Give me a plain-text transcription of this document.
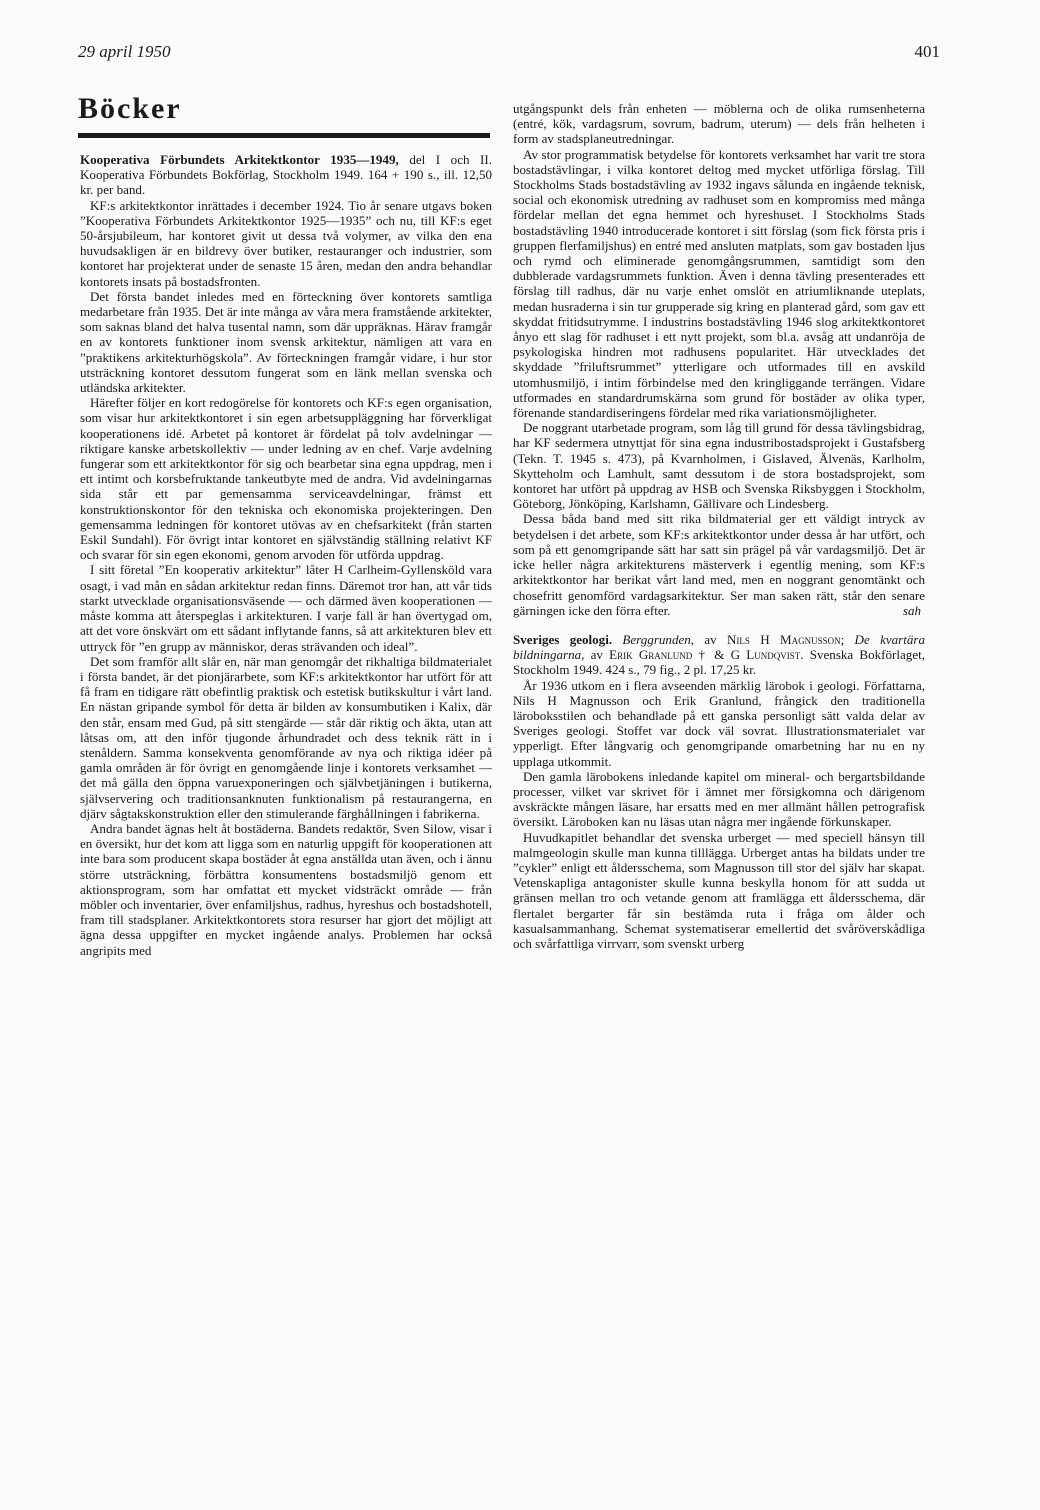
29 april 1950	401
Böcker

Kooperativa Förbundets Arkitektkontor 1935—1949, del I och II. Kooperativa Förbundets Bokförlag, Stockholm 1949. 164 + 190 s., ill. 12,50 kr. per band.

KF:s arkitektkontor inrättades i december 1924. Tio år senare utgavs boken ”Kooperativa Förbundets Arkitektkontor 1925—1935” och nu, till KF:s eget 50-årsjubileum, har kontoret givit ut dessa två volymer, av vilka den ena huvudsakligen är en bildrevy över butiker, restauranger och industrier, som kontoret har projekterat under de senaste 15 åren, medan den andra behandlar kontorets insats på bostadsfronten.

Det första bandet inledes med en förteckning över kontorets samtliga medarbetare från 1935. Det är inte många av våra mera framstående arkitekter, som saknas bland det halva tusental namn, som där uppräknas. Härav framgår en av kontorets funktioner inom svensk arkitektur, nämligen att vara en ”praktikens arkitekturhögskola”. Av förteckningen framgår vidare, i hur stor utsträckning kontoret dessutom fungerat som en länk mellan svenska och utländska arkitekter.

Härefter följer en kort redogörelse för kontorets och KF:s egen organisation, som visar hur arkitektkontoret i sin egen arbetsuppläggning har förverkligat kooperationens idé. Arbetet på kontoret är fördelat på tolv avdelningar — riktigare kanske arbetskollektiv — under ledning av en chef. Varje avdelning fungerar som ett arkitektkontor för sig och bearbetar sina egna uppdrag, men i ett intimt och korsbefruktande tankeutbyte med de andra. Vid avdelningarnas sida står ett par gemensamma serviceavdelningar, främst ett konstruktionskontor för den tekniska och ekonomiska projekteringen. Den gemensamma ledningen för kontoret utövas av en chefsarkitekt (från starten Eskil Sundahl). För övrigt intar kontoret en självständig ställning relativt KF och svarar för sin egen ekonomi, genom arvoden för utförda uppdrag.

I sitt företal ”En kooperativ arkitektur” låter H Carlheim-Gyllensköld vara osagt, i vad mån en sådan arkitektur redan finns. Däremot tror han, att vår tids starkt utvecklade organisationsväsende — och därmed även kooperationen — måste komma att återspeglas i arkitekturen. I varje fall är han övertygad om, att det vore önskvärt om ett sådant inflytande fanns, så att arkitekturen blev ett uttryck för ”en grupp av människor, deras strävanden och ideal”.

Det som framför allt slår en, när man genomgår det rikhaltiga bildmaterialet i första bandet, är det pionjärarbete, som KF:s arkitektkontor har utfört för att få fram en tidigare rätt obefintlig praktisk och estetisk butikskultur i vårt land. En nästan gripande symbol för detta är bilden av konsumbutiken i Kalix, där den står, ensam med Gud, på sitt stengärde — står där riktig och äkta, utan att låtsas om, att den inför tjugonde århundradet och dess teknik rätt in i stenåldern. Samma konsekventa genomförande av nya och riktiga idéer på gamla områden är för övrigt en genomgående linje i kontorets verksamhet — det må gälla den öppna varuexponeringen och självbetjäningen i butikerna, självservering och traditionsanknuten funktionalism på restaurangerna, en djärv sågtakskonstruktion eller den stimulerande färghållningen i fabrikerna.

Andra bandet ägnas helt åt bostäderna. Bandets redaktör, Sven Silow, visar i en översikt, hur det kom att ligga som en naturlig uppgift för kooperationen att inte bara som producent skapa bostäder åt egna anställda utan även, och i ännu större utsträckning, förbättra konsumentens bostadsmiljö genom ett aktionsprogram, som har omfattat ett mycket vidsträckt område — från möbler och inventarier, över enfamiljshus, radhus, hyreshus och bostadshotell, fram till stadsplaner. Arkitektkontorets stora resurser har gjort det möjligt att ägna dessa uppgifter en mycket ingående analys. Problemen har också angripits med

utgångspunkt dels från enheten — möblerna och de olika rumsenheterna (entré, kök, vardagsrum, sovrum, badrum, uterum) — dels från helheten i form av stadsplaneutredningar.

Av stor programmatisk betydelse för kontorets verksamhet har varit tre stora bostadstävlingar, i vilka kontoret deltog med mycket utförliga förslag. Till Stockholms Stads bostadstävling av 1932 ingavs sålunda en ingående teknisk, social och ekonomisk utredning av radhuset som en kompromiss med många fördelar mellan det egna hemmet och hyreshuset. I Stockholms Stads bostadstävling 1940 introducerade kontoret i sitt förslag (som fick första pris i gruppen flerfamiljshus) en entré med ansluten matplats, som gav bostaden ljus och rymd och eliminerade genomgångsrummen, samtidigt som den dubblerade vardagsrummets funktion. Även i denna tävling presenterades ett förslag till radhus, där nu varje enhet omslöt en atriumliknande uteplats, medan husraderna i sin tur grupperade sig kring en planterad gård, som gav ett skyddat fritidsutrymme. I industrins bostadstävling 1946 slog arkitektkontoret ånyo ett slag för radhuset i ett nytt projekt, som bl.a. avsåg att undanröja de psykologiska hindren mot radhusens popularitet. Här utvecklades det skyddade ”friluftsrummet” ytterligare och utformades till en avskild utomhusmiljö, i intim förbindelse med den kringliggande terrängen. Vidare utformades en standardrumskärna som grund för bostäder av olika typer, förenande standardiseringens fördelar med rika variationsmöjligheter.

De noggrant utarbetade program, som låg till grund för dessa tävlingsbidrag, har KF sedermera utnyttjat för sina egna industribostadsprojekt i Gustafsberg (Tekn. T. 1945 s. 473), på Kvarnholmen, i Gislaved, Älvenäs, Karlholm, Skytteholm och Lamhult, samt dessutom i de stora bostadsprojekt, som kontoret har utfört på uppdrag av HSB och Svenska Riksbyggen i Stockholm, Göteborg, Jönköping, Karlshamn, Gällivare och Lindesberg.

Dessa båda band med sitt rika bildmaterial ger ett väldigt intryck av betydelsen i det arbete, som KF:s arkitektkontor under dessa år har utfört, och som på ett genomgripande sätt har satt sin prägel på vår vardagsmiljö. Det är icke heller några arkitekturens mästerverk i egentlig mening, som KF:s arkitektkontor har berikat vårt land med, men en noggrant genomtänkt och chosefritt genomförd vardagsarkitektur. Ser man saken rätt, står den senare gärningen icke den förra efter.	sah

Sveriges geologi. Berggrunden, av Nils H Magnusson; De kvartära bildningarna, av Erik Granlund † & G Lundqvist. Svenska Bokförlaget, Stockholm 1949. 424 s., 79 fig., 2 pl. 17,25 kr.

År 1936 utkom en i flera avseenden märklig lärobok i geologi. Författarna, Nils H Magnusson och Erik Granlund, frångick den traditionella läroboksstilen och behandlade på ett ganska personligt sätt valda delar av Sveriges geologi. Stoffet var dock väl sovrat. Illustrationsmaterialet var ypperligt. Efter långvarig och genomgripande omarbetning har nu en ny upplaga utkommit.

Den gamla lärobokens inledande kapitel om mineral- och bergartsbildande processer, vilket var skrivet för i ämnet mer försigkomna och därigenom avskräckte mången läsare, har ersatts med en mer allmänt hållen petrografisk översikt. Läroboken kan nu läsas utan några mer ingående förkunskaper.

Huvudkapitlet behandlar det svenska urberget — med speciell hänsyn till malmgeologin skulle man kunna tilllägga. Urberget antas ha bildats under tre ”cykler” enligt ett åldersschema, som Magnusson till stor del själv har skapat. Vetenskapliga antagonister skulle kunna beskylla honom för att sudda ut gränsen mellan tro och vetande genom att framlägga ett åldersschema, där flertalet bergarter får sin bestämda ruta i fråga om ålder och kasualsammanhang. Schemat systematiserar emellertid det svåröverskådliga och svårfattliga virrvarr, som svenskt urberg
